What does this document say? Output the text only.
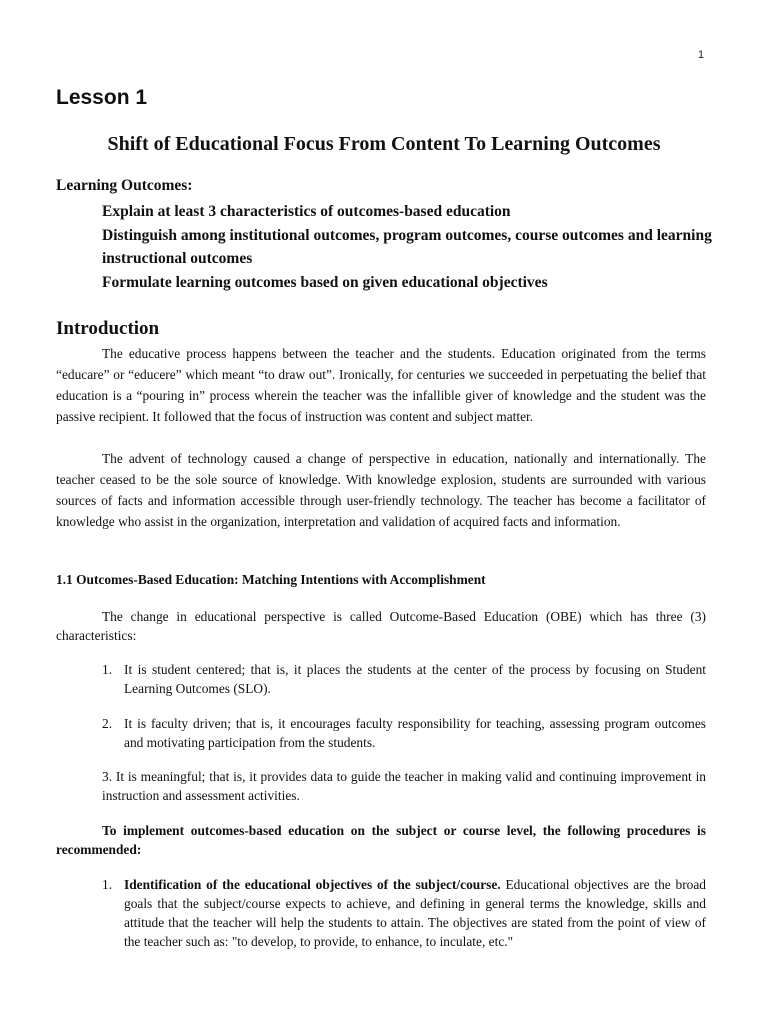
1
Lesson 1
Shift of Educational Focus From Content To Learning Outcomes
Learning Outcomes:
Explain at least 3 characteristics of outcomes-based education
Distinguish among institutional outcomes, program outcomes, course outcomes and learning instructional outcomes
Formulate learning outcomes based on given educational objectives
Introduction

The educative process happens between the teacher and the students. Education originated from the terms “educare” or “educere” which meant “to draw out”. Ironically, for centuries we succeeded in perpetuating the belief that education is a “pouring in” process wherein the teacher was the infallible giver of knowledge and the student was the passive recipient. It followed that the focus of instruction was content and subject matter.

The advent of technology caused a change of perspective in education, nationally and internationally. The teacher ceased to be the sole source of knowledge. With knowledge explosion, students are surrounded with various sources of facts and information accessible through user-friendly technology. The teacher has become a facilitator of knowledge who assist in the organization, interpretation and validation of acquired facts and information.

1.1 Outcomes-Based Education: Matching Intentions with Accomplishment

The change in educational perspective is called Outcome-Based Education (OBE) which has three (3) characteristics:

1. It is student centered; that is, it places the students at the center of the process by focusing on Student Learning Outcomes (SLO).
2. It is faculty driven; that is, it encourages faculty responsibility for teaching, assessing program outcomes and motivating participation from the students.
3. It is meaningful; that is, it provides data to guide the teacher in making valid and continuing improvement in instruction and assessment activities.

To implement outcomes-based education on the subject or course level, the following procedures is recommended:

1. Identification of the educational objectives of the subject/course. Educational objectives are the broad goals that the subject/course expects to achieve, and defining in general terms the knowledge, skills and attitude that the teacher will help the students to attain. The objectives are stated from the point of view of the teacher such as: "to develop, to provide, to enhance, to inculate, etc."
